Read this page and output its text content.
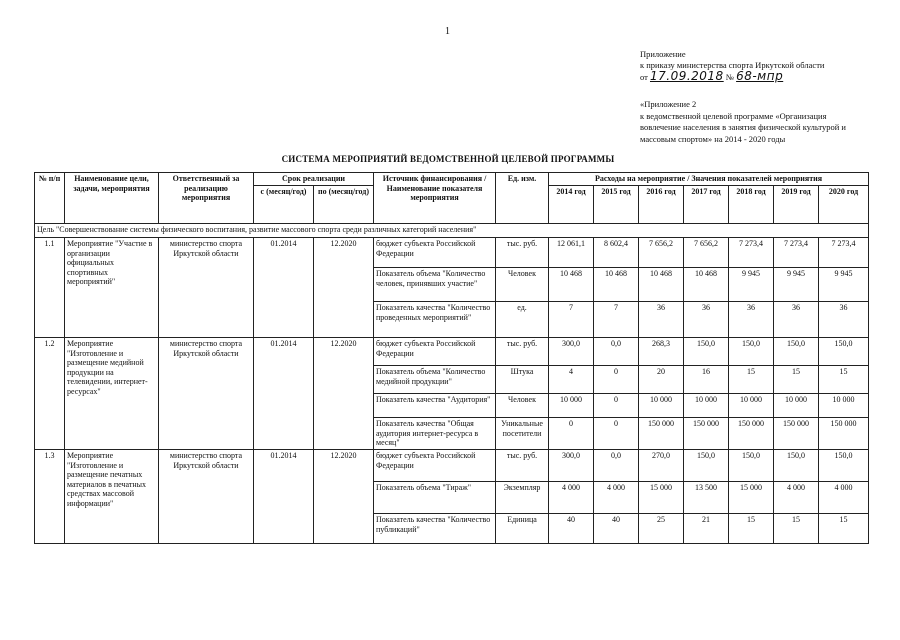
1
Приложение
к приказу министерства спорта Иркутской области
от 17.09.2018 № 68-мпр
«Приложение 2
к ведомственной целевой программе «Организация
вовлечение населения в занятия физической культурой и
массовым спортом» на 2014 - 2020 годы
СИСТЕМА МЕРОПРИЯТИЙ ВЕДОМСТВЕННОЙ ЦЕЛЕВОЙ ПРОГРАММЫ
№ п/п	Наименование цели, задачи, мероприятия	Ответственный за реализацию мероприятия	Срок реализации		Источник финансирования / Наименование показателя мероприятия	Ед. изм.	Расходы на мероприятие / Значения показателей мероприятия						
			с (месяц/год)	по (месяц/год)			2014 год	2015 год	2016 год	2017 год	2018 год	2019 год	2020 год
Цель "Совершенствование системы физического воспитания, развитие массового спорта среди различных категорий населения"													
1.1	Мероприятие "Участие в организации официальных спортивных мероприятий"	министерство спорта Иркутской области	01.2014	12.2020	бюджет субъекта Российской Федерации	тыс. руб.	12 061,1	8 602,4	7 656,2	7 656,2	7 273,4	7 273,4	7 273,4
					Показатель объема "Количество человек, принявших участие"	Человек	10 468	10 468	10 468	10 468	9 945	9 945	9 945
					Показатель качества "Количество проведенных мероприятий"	ед.	7	7	36	36	36	36	36
1.2	Мероприятие "Изготовление и размещение медийной продукции на телевидении, интернет-ресурсах"	министерство спорта Иркутской области	01.2014	12.2020	бюджет субъекта Российской Федерации	тыс. руб.	300,0	0,0	268,3	150,0	150,0	150,0	150,0
					Показатель объема "Количество медийной продукции"	Штука	4	0	20	16	15	15	15
					Показатель качества "Аудитория"	Человек	10 000	0	10 000	10 000	10 000	10 000	10 000
					Показатель качества "Общая аудитория интернет-ресурса в месяц"	Уникальные посетители	0	0	150 000	150 000	150 000	150 000	150 000
1.3	Мероприятие "Изготовление и размещение печатных материалов в печатных средствах массовой информации"	министерство спорта Иркутской области	01.2014	12.2020	бюджет субъекта Российской Федерации	тыс. руб.	300,0	0,0	270,0	150,0	150,0	150,0	150,0
					Показатель объема "Тираж"	Экземпляр	4 000	4 000	15 000	13 500	15 000	4 000	4 000
					Показатель качества "Количество публикаций"	Единица	40	40	25	21	15	15	15
